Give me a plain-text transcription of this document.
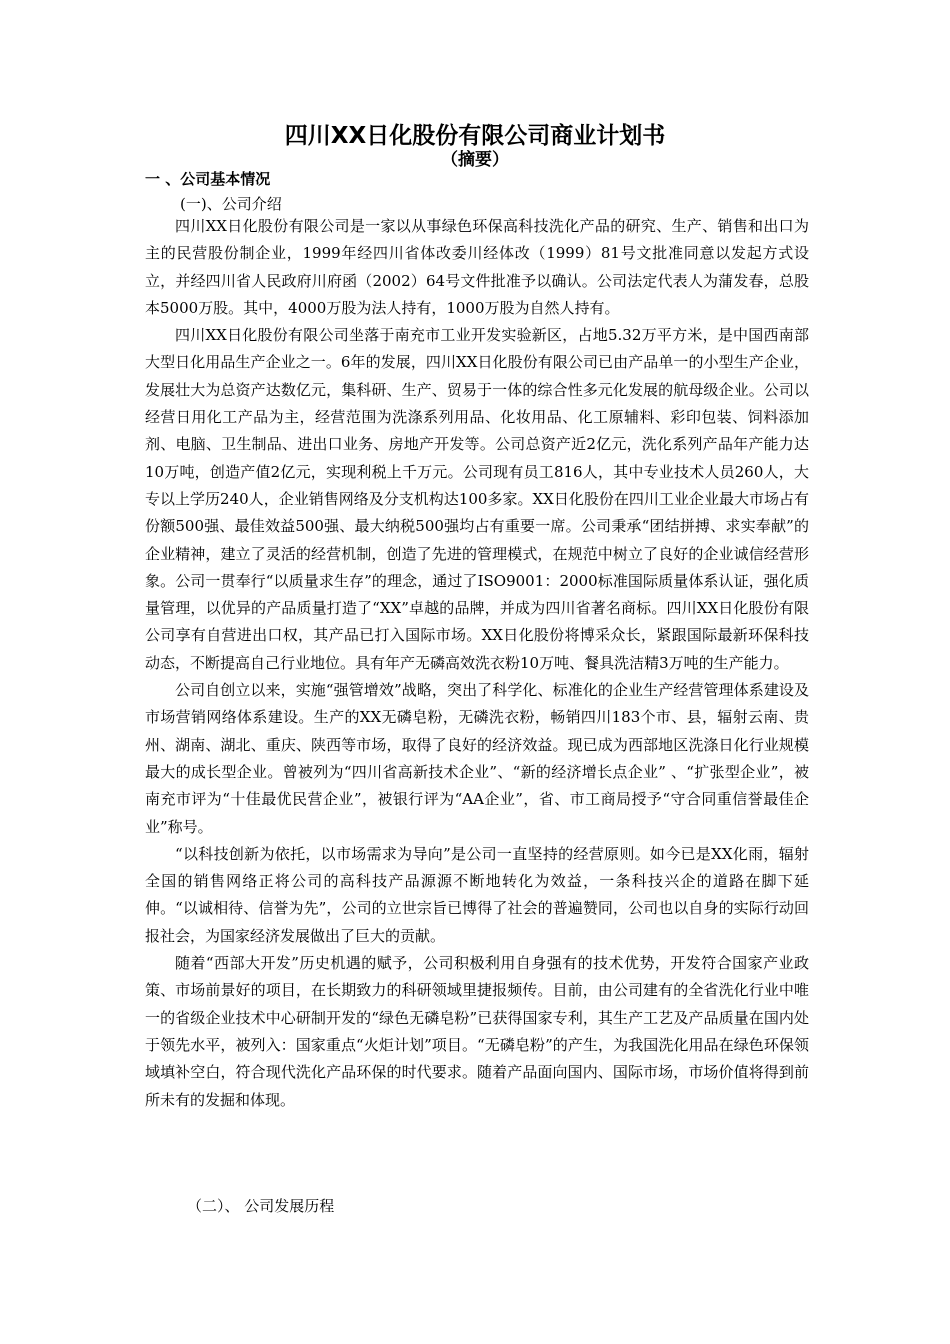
四川XX日化股份有限公司商业计划书
（摘要）
一 、公司基本情况
(一)、公司介绍

四川XX日化股份有限公司是一家以从事绿色环保高科技洗化产品的研究、生产、销售和出口为主的民营股份制企业，1999年经四川省体改委川经体改（1999）81号文批准同意以发起方式设立，并经四川省人民政府川府函（2002）64号文件批准予以确认。公司法定代表人为蒲发春，总股本5000万股。其中，4000万股为法人持有，1000万股为自然人持有。

四川XX日化股份有限公司坐落于南充市工业开发实验新区，占地5.32万平方米，是中国西南部大型日化用品生产企业之一。6年的发展，四川XX日化股份有限公司已由产品单一的小型生产企业，发展壮大为总资产达数亿元，集科研、生产、贸易于一体的综合性多元化发展的航母级企业。公司以经营日用化工产品为主，经营范围为洗涤系列用品、化妆用品、化工原辅料、彩印包装、饲料添加剂、电脑、卫生制品、进出口业务、房地产开发等。公司总资产近2亿元，洗化系列产品年产能力达10万吨，创造产值2亿元，实现利税上千万元。公司现有员工816人，其中专业技术人员260人，大专以上学历240人，企业销售网络及分支机构达100多家。XX日化股份在四川工业企业最大市场占有份额500强、最佳效益500强、最大纳税500强均占有重要一席。公司秉承“团结拼搏、求实奉献”的企业精神，建立了灵活的经营机制，创造了先进的管理模式，在规范中树立了良好的企业诚信经营形象。公司一贯奉行“以质量求生存”的理念，通过了ISO9001：2000标准国际质量体系认证，强化质量管理，以优异的产品质量打造了“XX”卓越的品牌，并成为四川省著名商标。四川XX日化股份有限公司享有自营进出口权，其产品已打入国际市场。XX日化股份将博采众长，紧跟国际最新环保科技动态，不断提高自己行业地位。具有年产无磷高效洗衣粉10万吨、餐具洗洁精3万吨的生产能力。

公司自创立以来，实施“强管增效”战略，突出了科学化、标准化的企业生产经营管理体系建设及市场营销网络体系建设。生产的XX无磷皂粉，无磷洗衣粉，畅销四川183个市、县，辐射云南、贵州、湖南、湖北、重庆、陕西等市场，取得了良好的经济效益。现已成为西部地区洗涤日化行业规模最大的成长型企业。曾被列为“四川省高新技术企业”、“新的经济增长点企业” 、“扩张型企业”，被南充市评为“十佳最优民营企业”，被银行评为“AA企业”，省、市工商局授予“守合同重信誉最佳企业”称号。

“以科技创新为依托，以市场需求为导向”是公司一直坚持的经营原则。如今已是XX化雨，辐射全国的销售网络正将公司的高科技产品源源不断地转化为效益，一条科技兴企的道路在脚下延伸。“以诚相待、信誉为先”，公司的立世宗旨已博得了社会的普遍赞同，公司也以自身的实际行动回报社会，为国家经济发展做出了巨大的贡献。

随着“西部大开发”历史机遇的赋予，公司积极利用自身强有的技术优势，开发符合国家产业政策、市场前景好的项目，在长期致力的科研领域里捷报频传。目前，由公司建有的全省洗化行业中唯一的省级企业技术中心研制开发的“绿色无磷皂粉”已获得国家专利，其生产工艺及产品质量在国内处于领先水平，被列入：国家重点“火炬计划”项目。“无磷皂粉”的产生，为我国洗化用品在绿色环保领域填补空白，符合现代洗化产品环保的时代要求。随着产品面向国内、国际市场，市场价值将得到前所未有的发掘和体现。

（二）、 公司发展历程
